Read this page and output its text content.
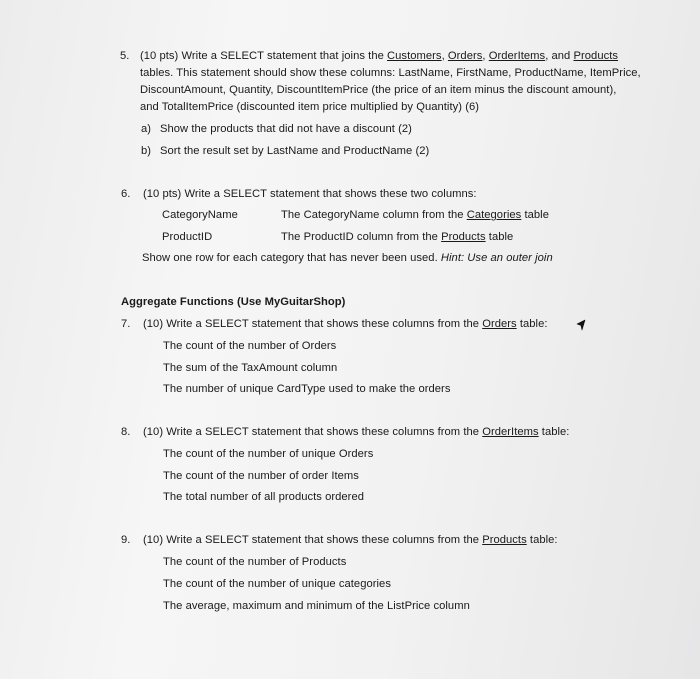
5. (10 pts) Write a SELECT statement that joins the Customers, Orders, OrderItems, and Products
tables. This statement should show these columns: LastName, FirstName, ProductName, ItemPrice,
DiscountAmount, Quantity, DiscountItemPrice (the price of an item minus the discount amount),
and TotalItemPrice (discounted item price multiplied by Quantity) (6)
a) Show the products that did not have a discount (2)
b) Sort the result set by LastName and ProductName (2)
6. (10 pts) Write a SELECT statement that shows these two columns:
CategoryName	The CategoryName column from the Categories table
ProductID	The ProductID column from the Products table
Show one row for each category that has never been used. Hint: Use an outer join
Aggregate Functions (Use MyGuitarShop)
7. (10) Write a SELECT statement that shows these columns from the Orders table:
The count of the number of Orders
The sum of the TaxAmount column
The number of unique CardType used to make the orders
8. (10) Write a SELECT statement that shows these columns from the OrderItems table:
The count of the number of unique Orders
The count of the number of order Items
The total number of all products ordered
9. (10) Write a SELECT statement that shows these columns from the Products table:
The count of the number of Products
The count of the number of unique categories
The average, maximum and minimum of the ListPrice column
